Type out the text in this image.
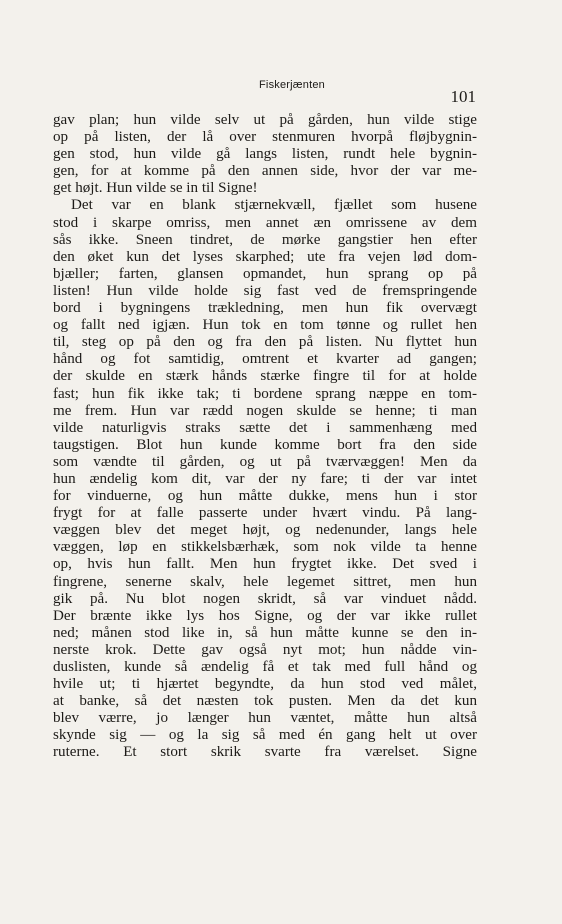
Fiskerjænten
101
gav plan; hun vilde selv ut på gården, hun vilde stige
op på listen, der lå over stenmuren hvorpå fløjbygnin-
gen stod, hun vilde gå langs listen, rundt hele bygnin-
gen, for at komme på den annen side, hvor der var me-
get højt. Hun vilde se in til Signe!
Det var en blank stjærnekvæll, fjællet som husene
stod i skarpe omriss, men annet æn omrissene av dem
sås ikke. Sneen tindret, de mørke gangstier hen efter
den øket kun det lyses skarphed; ute fra vejen lød dom-
bjæller; farten, glansen opmandet, hun sprang op på
listen! Hun vilde holde sig fast ved de fremspringende
bord i bygningens trækledning, men hun fik overvægt
og fallt ned igjæn. Hun tok en tom tønne og rullet hen
til, steg op på den og fra den på listen. Nu flyttet hun
hånd og fot samtidig, omtrent et kvarter ad gangen;
der skulde en stærk hånds stærke fingre til for at holde
fast; hun fik ikke tak; ti bordene sprang næppe en tom-
me frem. Hun var rædd nogen skulde se henne; ti man
vilde naturligvis straks sætte det i sammenhæng med
taugstigen. Blot hun kunde komme bort fra den side
som vændte til gården, og ut på tværvæggen! Men da
hun ændelig kom dit, var der ny fare; ti der var intet
for vinduerne, og hun måtte dukke, mens hun i stor
frygt for at falle passerte under hvært vindu. På lang-
væggen blev det meget højt, og nedenunder, langs hele
væggen, løp en stikkelsbærhæk, som nok vilde ta henne
op, hvis hun fallt. Men hun frygtet ikke. Det sved i
fingrene, senerne skalv, hele legemet sittret, men hun
gik på. Nu blot nogen skridt, så var vinduet nådd.
Der brænte ikke lys hos Signe, og der var ikke rullet
ned; månen stod like in, så hun måtte kunne se den in-
nerste krok. Dette gav også nyt mot; hun nådde vin-
duslisten, kunde så ændelig få et tak med full hånd og
hvile ut; ti hjærtet begyndte, da hun stod ved målet,
at banke, så det næsten tok pusten. Men da det kun
blev værre, jo længer hun væntet, måtte hun altså
skynde sig — og la sig så med én gang helt ut over
ruterne. Et stort skrik svarte fra værelset. Signe
